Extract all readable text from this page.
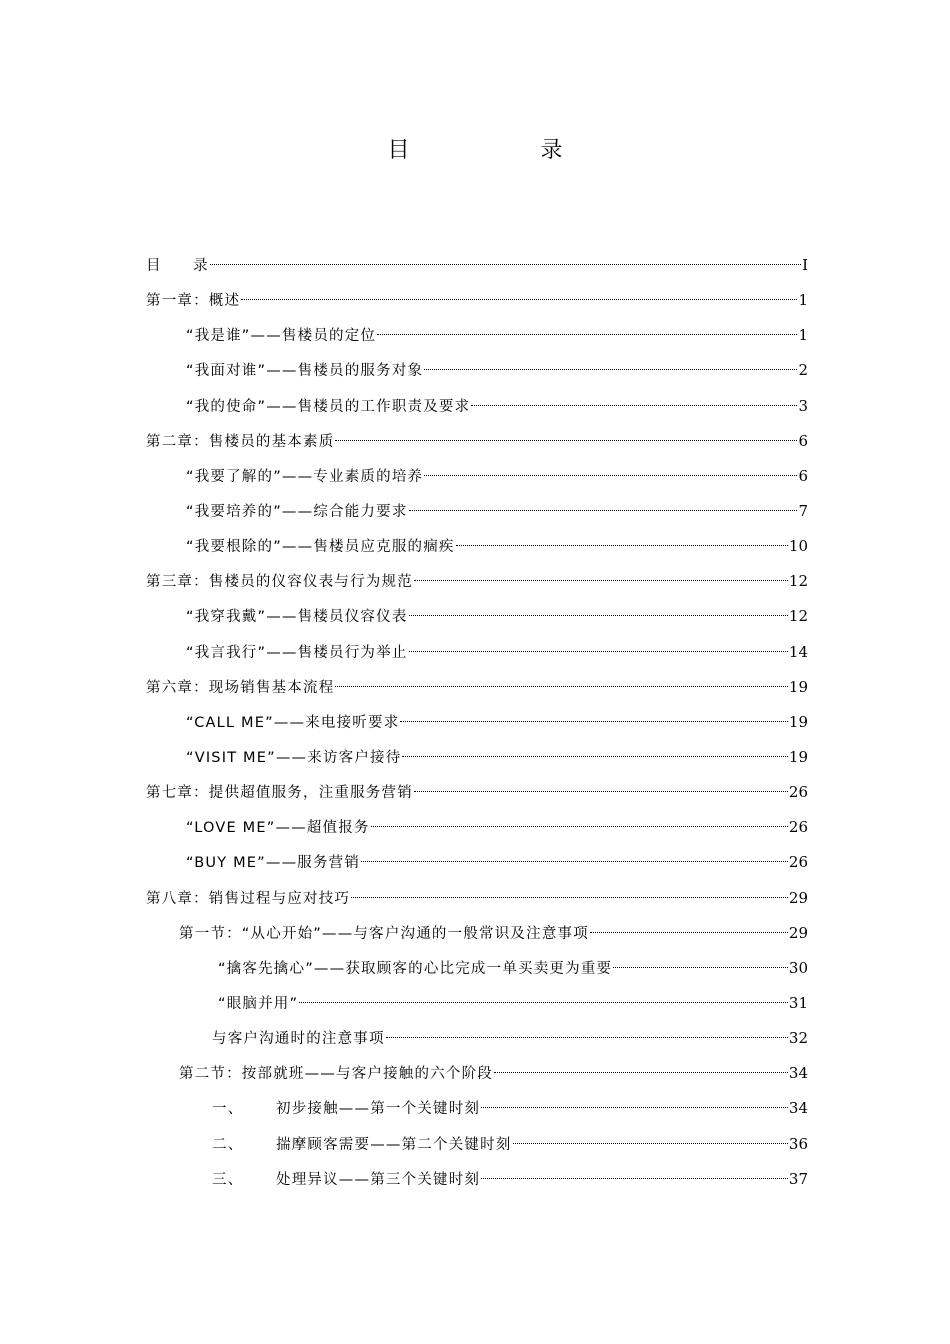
目 录
目　　录	I
第一章：概述	1
“我是谁”——售楼员的定位	1
“我面对谁”——售楼员的服务对象	2
“我的使命”——售楼员的工作职责及要求	3
第二章：售楼员的基本素质	6
“我要了解的”——专业素质的培养	6
“我要培养的”——综合能力要求	7
“我要根除的”——售楼员应克服的痼疾	10
第三章：售楼员的仪容仪表与行为规范	12
“我穿我戴”——售楼员仪容仪表	12
“我言我行”——售楼员行为举止	14
第六章：现场销售基本流程	19
“CALL ME”——来电接听要求	19
“VISIT ME”——来访客户接待	19
第七章：提供超值服务，注重服务营销	26
“LOVE ME”——超值报务	26
“BUY ME”——服务营销	26
第八章：销售过程与应对技巧	29
第一节：“从心开始”——与客户沟通的一般常识及注意事项	29
“擒客先擒心”——获取顾客的心比完成一单买卖更为重要	30
“眼脑并用”	31
与客户沟通时的注意事项	32
第二节：按部就班——与客户接触的六个阶段	34
一、 初步接触——第一个关键时刻	34
二、 揣摩顾客需要——第二个关键时刻	36
三、 处理异议——第三个关键时刻	37
